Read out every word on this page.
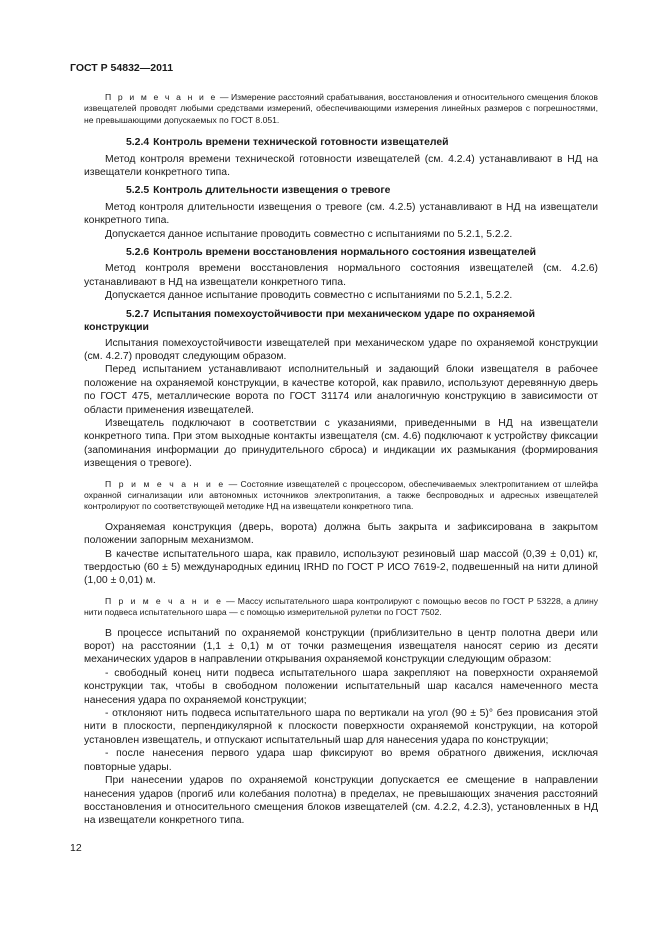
ГОСТ Р 54832—2011

П р и м е ч а н и е — Измерение расстояний срабатывания, восстановления и относительного смещения блоков извещателей проводят любыми средствами измерений, обеспечивающими измерения линейных размеров с погрешностями, не превышающими допускаемых по ГОСТ 8.051.

5.2.4 Контроль времени технической готовности извещателей

Метод контроля времени технической готовности извещателей (см. 4.2.4) устанавливают в НД на извещатели конкретного типа.

5.2.5 Контроль длительности извещения о тревоге

Метод контроля длительности извещения о тревоге (см. 4.2.5) устанавливают в НД на извещатели конкретного типа.

Допускается данное испытание проводить совместно с испытаниями по 5.2.1, 5.2.2.

5.2.6 Контроль времени восстановления нормального состояния извещателей

Метод контроля времени восстановления нормального состояния извещателей (см. 4.2.6) устанавливают в НД на извещатели конкретного типа.

Допускается данное испытание проводить совместно с испытаниями по 5.2.1, 5.2.2.

5.2.7 Испытания помехоустойчивости при механическом ударе по охраняемой конструкции

Испытания помехоустойчивости извещателей при механическом ударе по охраняемой конструкции (см. 4.2.7) проводят следующим образом.

Перед испытанием устанавливают исполнительный и задающий блоки извещателя в рабочее положение на охраняемой конструкции, в качестве которой, как правило, используют деревянную дверь по ГОСТ 475, металлические ворота по ГОСТ 31174 или аналогичную конструкцию в зависимости от области применения извещателей.

Извещатель подключают в соответствии с указаниями, приведенными в НД на извещатели конкретного типа. При этом выходные контакты извещателя (см. 4.6) подключают к устройству фиксации (запоминания информации до принудительного сброса) и индикации их размыкания (формирования извещения о тревоге).

П р и м е ч а н и е — Состояние извещателей с процессором, обеспечиваемых электропитанием от шлейфа охранной сигнализации или автономных источников электропитания, а также беспроводных и адресных извещателей контролируют по соответствующей методике НД на извещатели конкретного типа.

Охраняемая конструкция (дверь, ворота) должна быть закрыта и зафиксирована в закрытом положении запорным механизмом.

В качестве испытательного шара, как правило, используют резиновый шар массой (0,39 ± 0,01) кг, твердостью (60 ± 5) международных единиц IRHD по ГОСТ Р ИСО 7619-2, подвешенный на нити длиной (1,00 ± 0,01) м.

П р и м е ч а н и е — Массу испытательного шара контролируют с помощью весов по ГОСТ Р 53228, а длину нити подвеса испытательного шара — с помощью измерительной рулетки по ГОСТ 7502.

В процессе испытаний по охраняемой конструкции (приблизительно в центр полотна двери или ворот) на расстоянии (1,1 ± 0,1) м от точки размещения извещателя наносят серию из десяти механических ударов в направлении открывания охраняемой конструкции следующим образом:

- свободный конец нити подвеса испытательного шара закрепляют на поверхности охраняемой конструкции так, чтобы в свободном положении испытательный шар касался намеченного места нанесения удара по охраняемой конструкции;

- отклоняют нить подвеса испытательного шара по вертикали на угол (90 ± 5)° без провисания этой нити в плоскости, перпендикулярной к плоскости поверхности охраняемой конструкции, на которой установлен извещатель, и отпускают испытательный шар для нанесения удара по конструкции;

- после нанесения первого удара шар фиксируют во время обратного движения, исключая повторные удары.

При нанесении ударов по охраняемой конструкции допускается ее смещение в направлении нанесения ударов (прогиб или колебания полотна) в пределах, не превышающих значения расстояний восстановления и относительного смещения блоков извещателей (см. 4.2.2, 4.2.3), установленных в НД на извещатели конкретного типа.

12
